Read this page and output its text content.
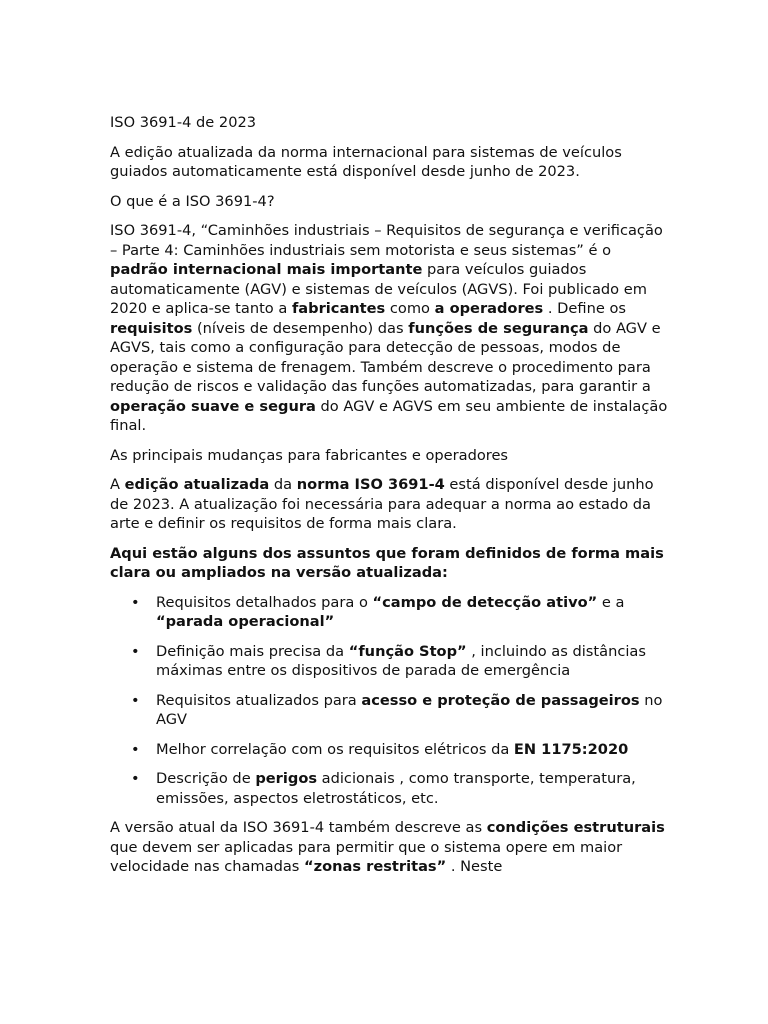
ISO 3691-4 de 2023

A edição atualizada da norma internacional para sistemas de veículos guiados automaticamente está disponível desde junho de 2023.

O que é a ISO 3691-4?

ISO 3691-4, “Caminhões industriais – Requisitos de segurança e verificação – Parte 4: Caminhões industriais sem motorista e seus sistemas” é o padrão internacional mais importante para veículos guiados automaticamente (AGV) e sistemas de veículos (AGVS). Foi publicado em 2020 e aplica-se tanto a fabricantes como a operadores . Define os requisitos (níveis de desempenho) das funções de segurança do AGV e AGVS, tais como a configuração para detecção de pessoas, modos de operação e sistema de frenagem. Também descreve o procedimento para redução de riscos e validação das funções automatizadas, para garantir a operação suave e segura do AGV e AGVS em seu ambiente de instalação final.

As principais mudanças para fabricantes e operadores

A edição atualizada da norma ISO 3691-4 está disponível desde junho de 2023. A atualização foi necessária para adequar a norma ao estado da arte e definir os requisitos de forma mais clara.

Aqui estão alguns dos assuntos que foram definidos de forma mais clara ou ampliados na versão atualizada:

• Requisitos detalhados para o “campo de detecção ativo” e a “parada operacional”
• Definição mais precisa da “função Stop” , incluindo as distâncias máximas entre os dispositivos de parada de emergência
• Requisitos atualizados para acesso e proteção de passageiros no AGV
• Melhor correlação com os requisitos elétricos da EN 1175:2020
• Descrição de perigos adicionais , como transporte, temperatura, emissões, aspectos eletrostáticos, etc.

A versão atual da ISO 3691-4 também descreve as condições estruturais que devem ser aplicadas para permitir que o sistema opere em maior velocidade nas chamadas “zonas restritas” . Neste
